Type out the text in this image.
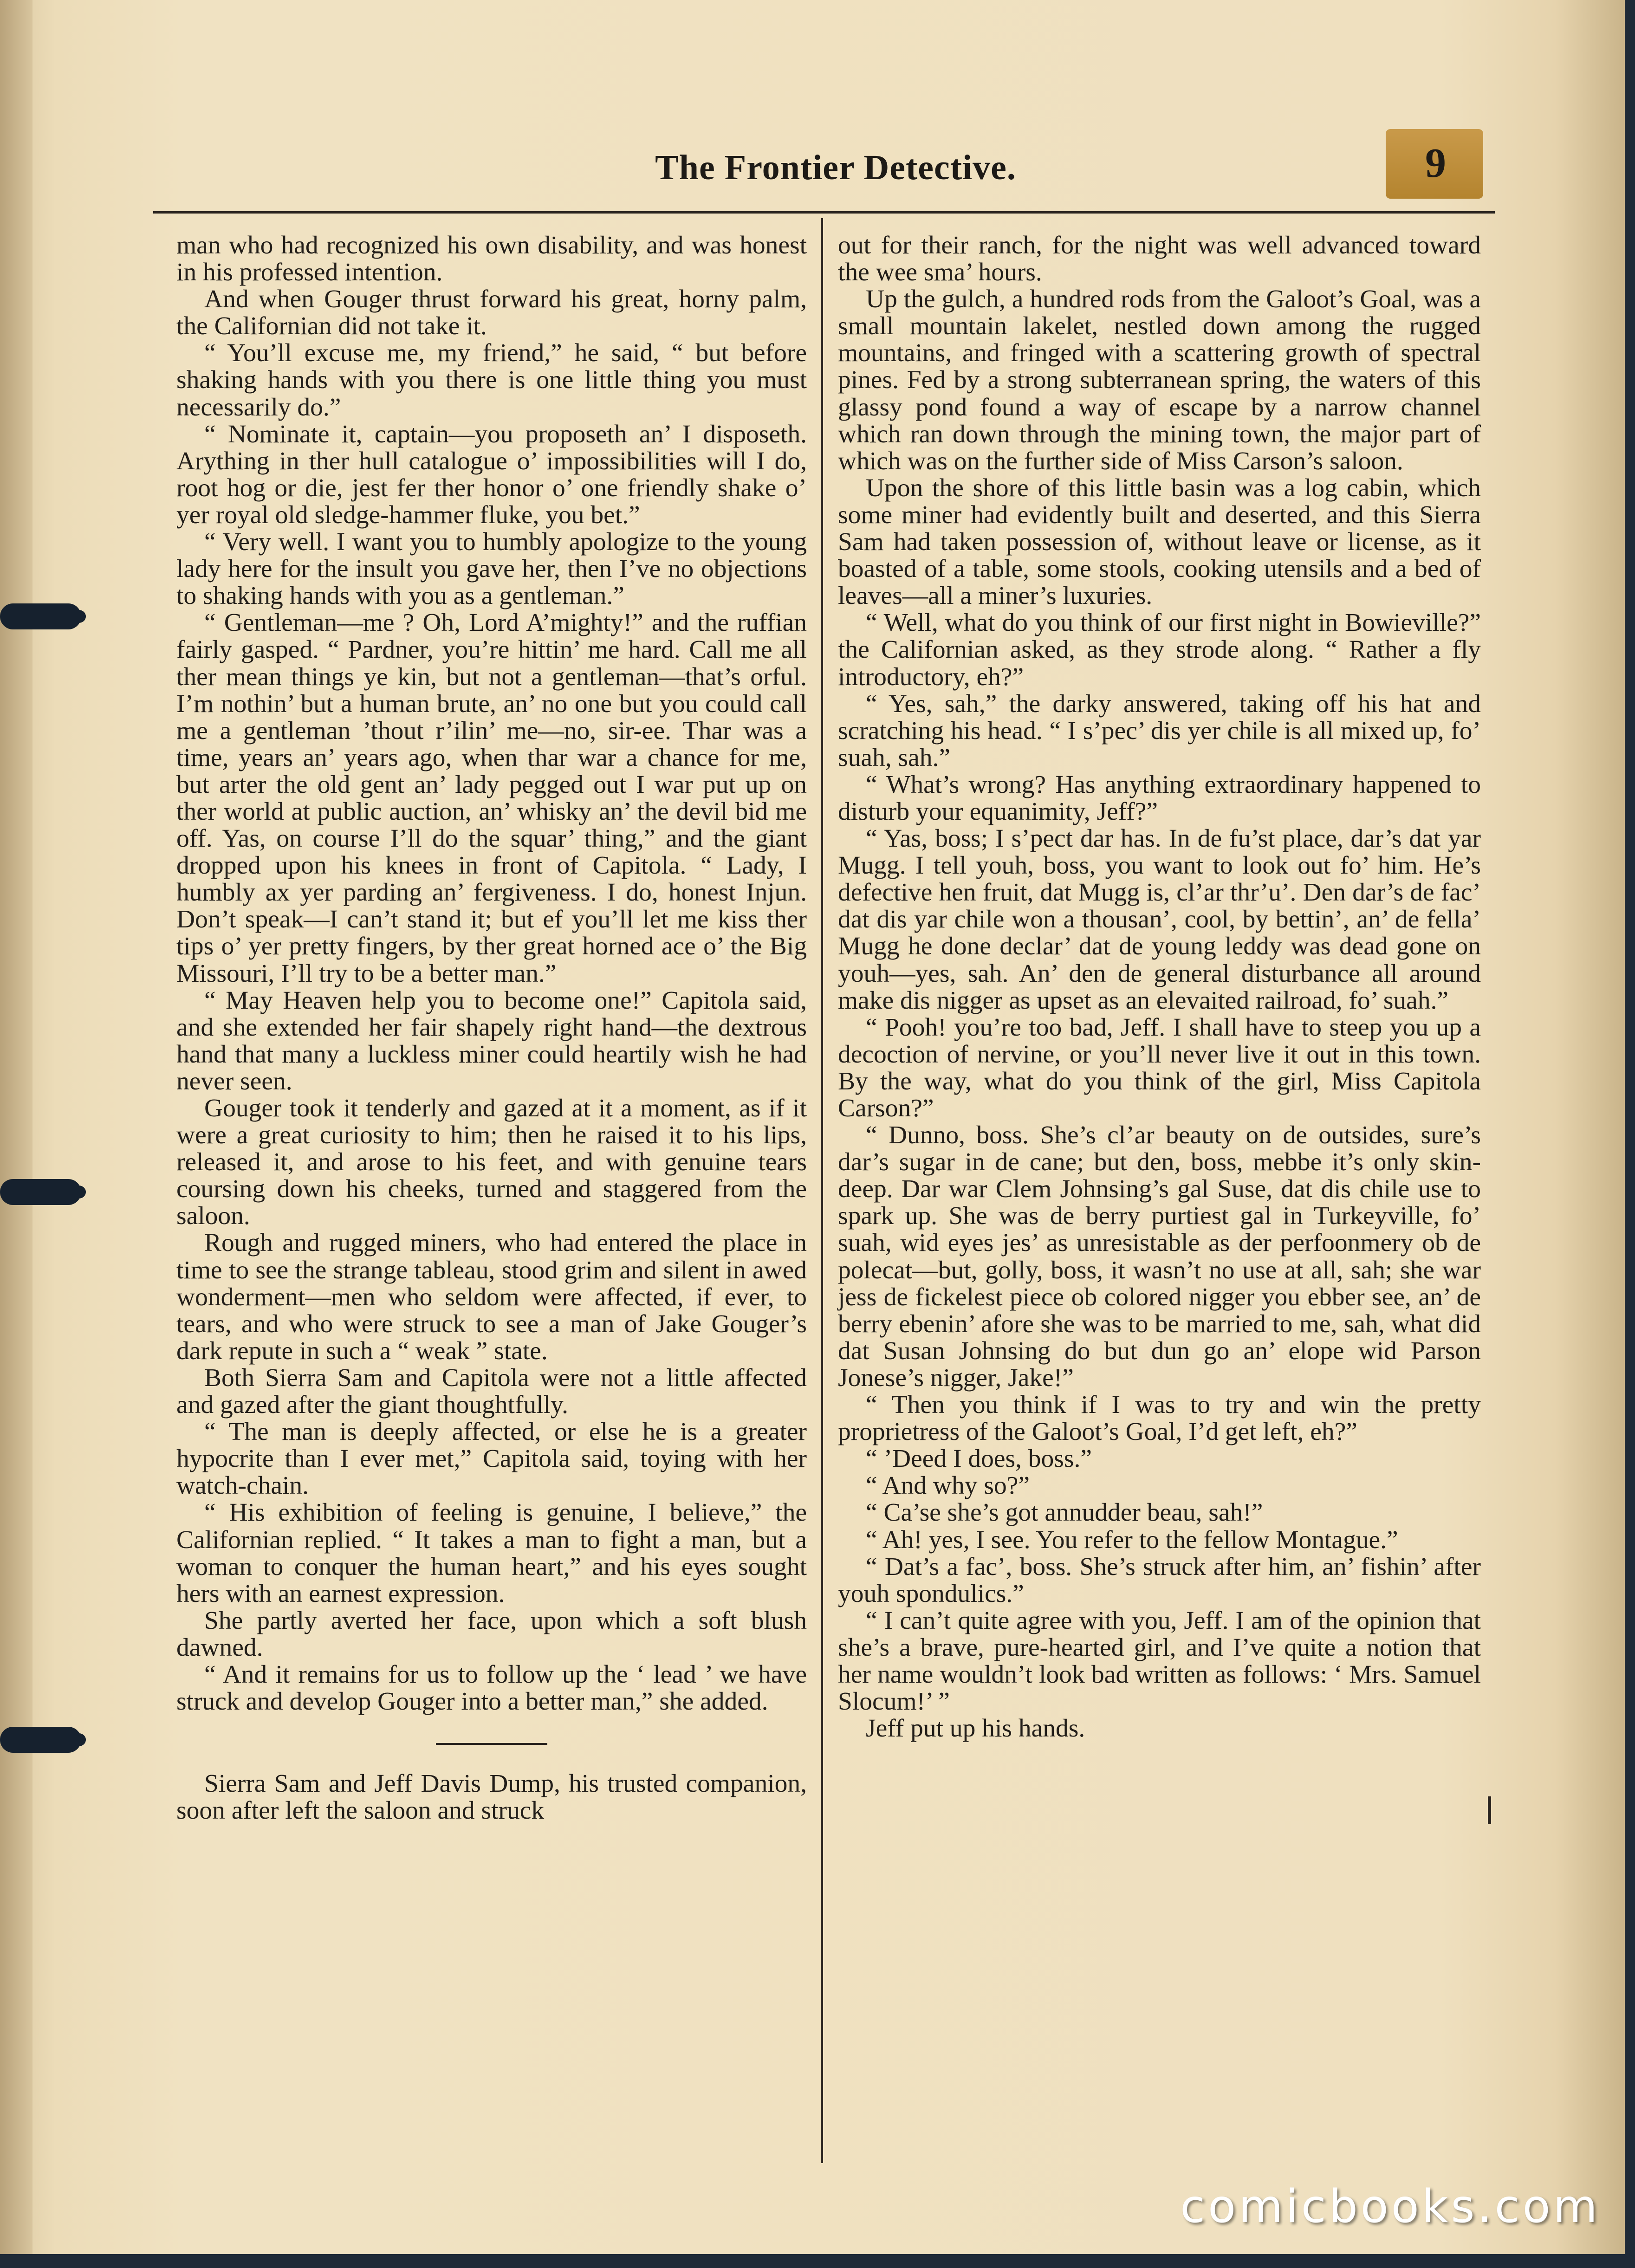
The Frontier Detective.	9

man who had recognized his own disability, and was honest in his professed intention.

And when Gouger thrust forward his great, horny palm, the Californian did not take it.

“ You’ll excuse me, my friend,” he said, “ but before shaking hands with you there is one little thing you must necessarily do.”

“ Nominate it, captain—you proposeth an’ I disposeth. Arything in ther hull catalogue o’ impossibilities will I do, root hog or die, jest fer ther honor o’ one friendly shake o’ yer royal old sledge-hammer fluke, you bet.”

“ Very well. I want you to humbly apologize to the young lady here for the insult you gave her, then I’ve no objections to shaking hands with you as a gentleman.”

“ Gentleman—me ? Oh, Lord A’mighty!” and the ruffian fairly gasped. “ Pardner, you’re hittin’ me hard. Call me all ther mean things ye kin, but not a gentleman—that’s orful. I’m nothin’ but a human brute, an’ no one but you could call me a gentleman ’thout r’ilin’ me—no, sir-ee. Thar was a time, years an’ years ago, when thar war a chance for me, but arter the old gent an’ lady pegged out I war put up on ther world at public auction, an’ whisky an’ the devil bid me off. Yas, on course I’ll do the squar’ thing,” and the giant dropped upon his knees in front of Capitola. “ Lady, I humbly ax yer parding an’ fergiveness. I do, honest Injun. Don’t speak—I can’t stand it; but ef you’ll let me kiss ther tips o’ yer pretty fingers, by ther great horned ace o’ the Big Missouri, I’ll try to be a better man.”

“ May Heaven help you to become one!” Capitola said, and she extended her fair shapely right hand—the dextrous hand that many a luckless miner could heartily wish he had never seen.

Gouger took it tenderly and gazed at it a moment, as if it were a great curiosity to him; then he raised it to his lips, released it, and arose to his feet, and with genuine tears coursing down his cheeks, turned and staggered from the saloon.

Rough and rugged miners, who had entered the place in time to see the strange tableau, stood grim and silent in awed wonderment—men who seldom were affected, if ever, to tears, and who were struck to see a man of Jake Gouger’s dark repute in such a “ weak ” state.

Both Sierra Sam and Capitola were not a little affected and gazed after the giant thoughtfully.

“ The man is deeply affected, or else he is a greater hypocrite than I ever met,” Capitola said, toying with her watch-chain.

“ His exhibition of feeling is genuine, I believe,” the Californian replied. “ It takes a man to fight a man, but a woman to conquer the human heart,” and his eyes sought hers with an earnest expression.

She partly averted her face, upon which a soft blush dawned.

“ And it remains for us to follow up the ‘ lead ’ we have struck and develop Gouger into a better man,” she added.

Sierra Sam and Jeff Davis Dump, his trusted companion, soon after left the saloon and struck

out for their ranch, for the night was well advanced toward the wee sma’ hours.

Up the gulch, a hundred rods from the Galoot’s Goal, was a small mountain lakelet, nestled down among the rugged mountains, and fringed with a scattering growth of spectral pines. Fed by a strong subterranean spring, the waters of this glassy pond found a way of escape by a narrow channel which ran down through the mining town, the major part of which was on the further side of Miss Carson’s saloon.

Upon the shore of this little basin was a log cabin, which some miner had evidently built and deserted, and this Sierra Sam had taken possession of, without leave or license, as it boasted of a table, some stools, cooking utensils and a bed of leaves—all a miner’s luxuries.

“ Well, what do you think of our first night in Bowieville?” the Californian asked, as they strode along. “ Rather a fly introductory, eh?”

“ Yes, sah,” the darky answered, taking off his hat and scratching his head. “ I s’pec’ dis yer chile is all mixed up, fo’ suah, sah.”

“ What’s wrong? Has anything extraordinary happened to disturb your equanimity, Jeff?”

“ Yas, boss; I s’pect dar has. In de fu’st place, dar’s dat yar Mugg. I tell youh, boss, you want to look out fo’ him. He’s defective hen fruit, dat Mugg is, cl’ar thr’u’. Den dar’s de fac’ dat dis yar chile won a thousan’, cool, by bettin’, an’ de fella’ Mugg he done declar’ dat de young leddy was dead gone on youh—yes, sah. An’ den de general disturbance all around make dis nigger as upset as an elevaited railroad, fo’ suah.”

“ Pooh! you’re too bad, Jeff. I shall have to steep you up a decoction of nervine, or you’ll never live it out in this town. By the way, what do you think of the girl, Miss Capitola Carson?”

“ Dunno, boss. She’s cl’ar beauty on de outsides, sure’s dar’s sugar in de cane; but den, boss, mebbe it’s only skin-deep. Dar war Clem Johnsing’s gal Suse, dat dis chile use to spark up. She was de berry purtiest gal in Turkeyville, fo’ suah, wid eyes jes’ as unresistable as der perfoonmery ob de polecat—but, golly, boss, it wasn’t no use at all, sah; she war jess de fickelest piece ob colored nigger you ebber see, an’ de berry ebenin’ afore she was to be married to me, sah, what did dat Susan Johnsing do but dun go an’ elope wid Parson Jonese’s nigger, Jake!”

“ Then you think if I was to try and win the pretty proprietress of the Galoot’s Goal, I’d get left, eh?”

“ ’Deed I does, boss.”

“ And why so?”

“ Ca’se she’s got annudder beau, sah!”

“ Ah! yes, I see. You refer to the fellow Montague.”

“ Dat’s a fac’, boss. She’s struck after him, an’ fishin’ after youh spondulics.”

“ I can’t quite agree with you, Jeff. I am of the opinion that she’s a brave, pure-hearted girl, and I’ve quite a notion that her name wouldn’t look bad written as follows: ‘ Mrs. Samuel Slocum!’ ”

Jeff put up his hands.

comicbooks.com
